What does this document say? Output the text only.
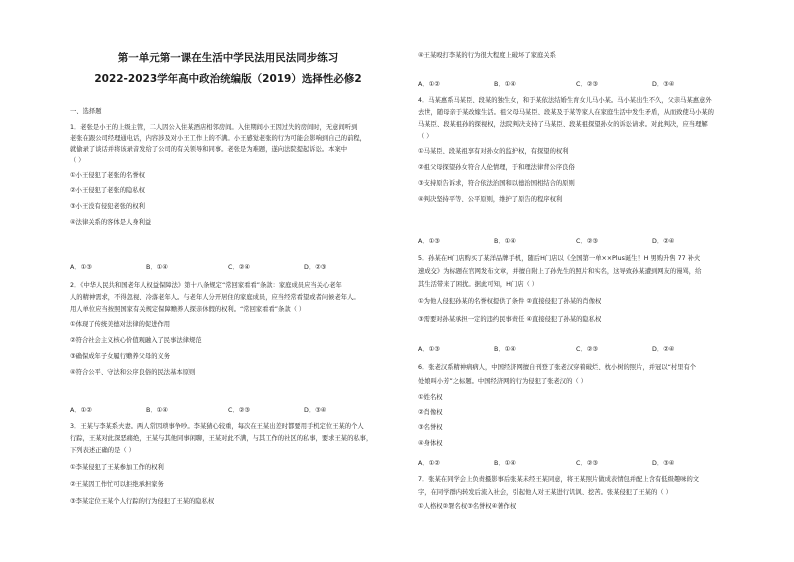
第一单元第一课在生活中学民法用民法同步练习
2022-2023学年高中政治统编版（2019）选择性必修2
一、选择题
1．老张是小王的上级主管，二人因公入住某酒店相邻房间。入住期间小王因过失的房间时，无意间听到
老张在跟公司经理通电话，内容涉及对小王工作上的不满。小王感觉老张的行为可能会影响到自己的前程，
就偷录了谈话并将该录音发给了公司的有关领导和同事。老张是为难题，遂向法院提起诉讼。本案中
（ ）
①小王侵犯了老张的名誉权
②小王侵犯了老张的隐私权
③小王没有侵犯老张的权利
④法律关系的客体是人身利益
A．①③	B．①④	C．②④	D．②③
2．《中华人民共和国老年人权益保障法》第十八条规定“常回家看看”条款：家庭成员应当关心老年
人的精神需求，不得忽视、冷落老年人。与老年人分开居住的家庭成员，应当经常看望或者问候老年人。
用人单位应当按照国家有关规定保障赡养人探亲休假的权利。“常回家看看”条款（ ）
①体现了传统美德对法律的促进作用
②符合社会主义核心价值观融入了民事法律规范
③确保成年子女履行赡养父母的义务
④符合公平、守法和公序良俗的民法基本原则
A．①②	B．①④	C．②③	D．③④
3．王某与李某系夫妻。两人常因琐事争吵。李某猜心较重，每次在王某出差时都要用手机定位王某的个人
行踪，王某对此深恶痛绝，王某与其他同事闲聊，王某对此不满，与其工作的社区的私事，要求王某的私事，
下列表述正确的是（ ）
①李某侵犯了王某参加工作的权利
②王某因工作忙可以拒绝承担家务
③李某定位王某个人行踪的行为侵犯了王某的隐私权
④王某殴打李某的行为很大程度上破坏了家庭关系
A．①②	B．①④	C．②③	D．③④
4．马某惠系马某臣、段某的独生女，和于某依法结婚生育女儿马小某。马小某出生不久，父亲马某惠意外
去世，随母亲于某改嫁生活。祖父母马某臣、段某及于某等家人在家庭生活中发生矛盾，从而致使马小某的
马某臣、段某祖孙的探视权，法院判决支持了马某臣、段某祖探望孙女的诉讼请求。对此判决，应当理解
（ ）
①马某臣、段某祖享有对孙女的监护权，有探望的权利
②祖父母探望孙女符合人伦情理，于和理法律背公序良俗
③支持原告诉求，符合依法治国和以德治国相结合的原则
④判决坚持平等、公平原则，维护了原告的程序权利
A．①③	B．①④	C．②③	D．②④
5．孙某在H门店购买了某洋品牌手机，随后H门店以《全国第一单××Plus诞生！H 男购升售 77 补火
速成交》为标题在官网发布文章，并擅自附上了孙先生的照片和实名，这导致孙某遭到网友的谩骂，给
其生活带来了困扰。据此可知，H门店（ ）
①为他人侵犯孙某的名誉权提供了条件 ②直接侵犯了孙某的肖像权
③需要对孙某承担一定的违约民事责任 ④直接侵犯了孙某的隐私权
A．①③	B．①④	C．②③	D．②④
6．张老汉系精神病病人，中国经济网擅自刊登了张老汉穿着破烂、枕小树的照片，并冠以“村里有个
处娘叫小芳”之标题。中国经济网的行为侵犯了张老汉的（ ）
①姓名权
②肖像权
③名誉权
④身体权
A．①②	B．①④	C．②③	D．③④
7．张某在同学会上负责摄影事后张某未经王某同意，将王某照片做成表情包并配上含有低级趣味的文
字，在同学群内转发后流入社会，引起他人对王某进行讥讽、挖苦。张某侵犯了王某的（ ）
①人格权②署名权③名誉权④著作权
